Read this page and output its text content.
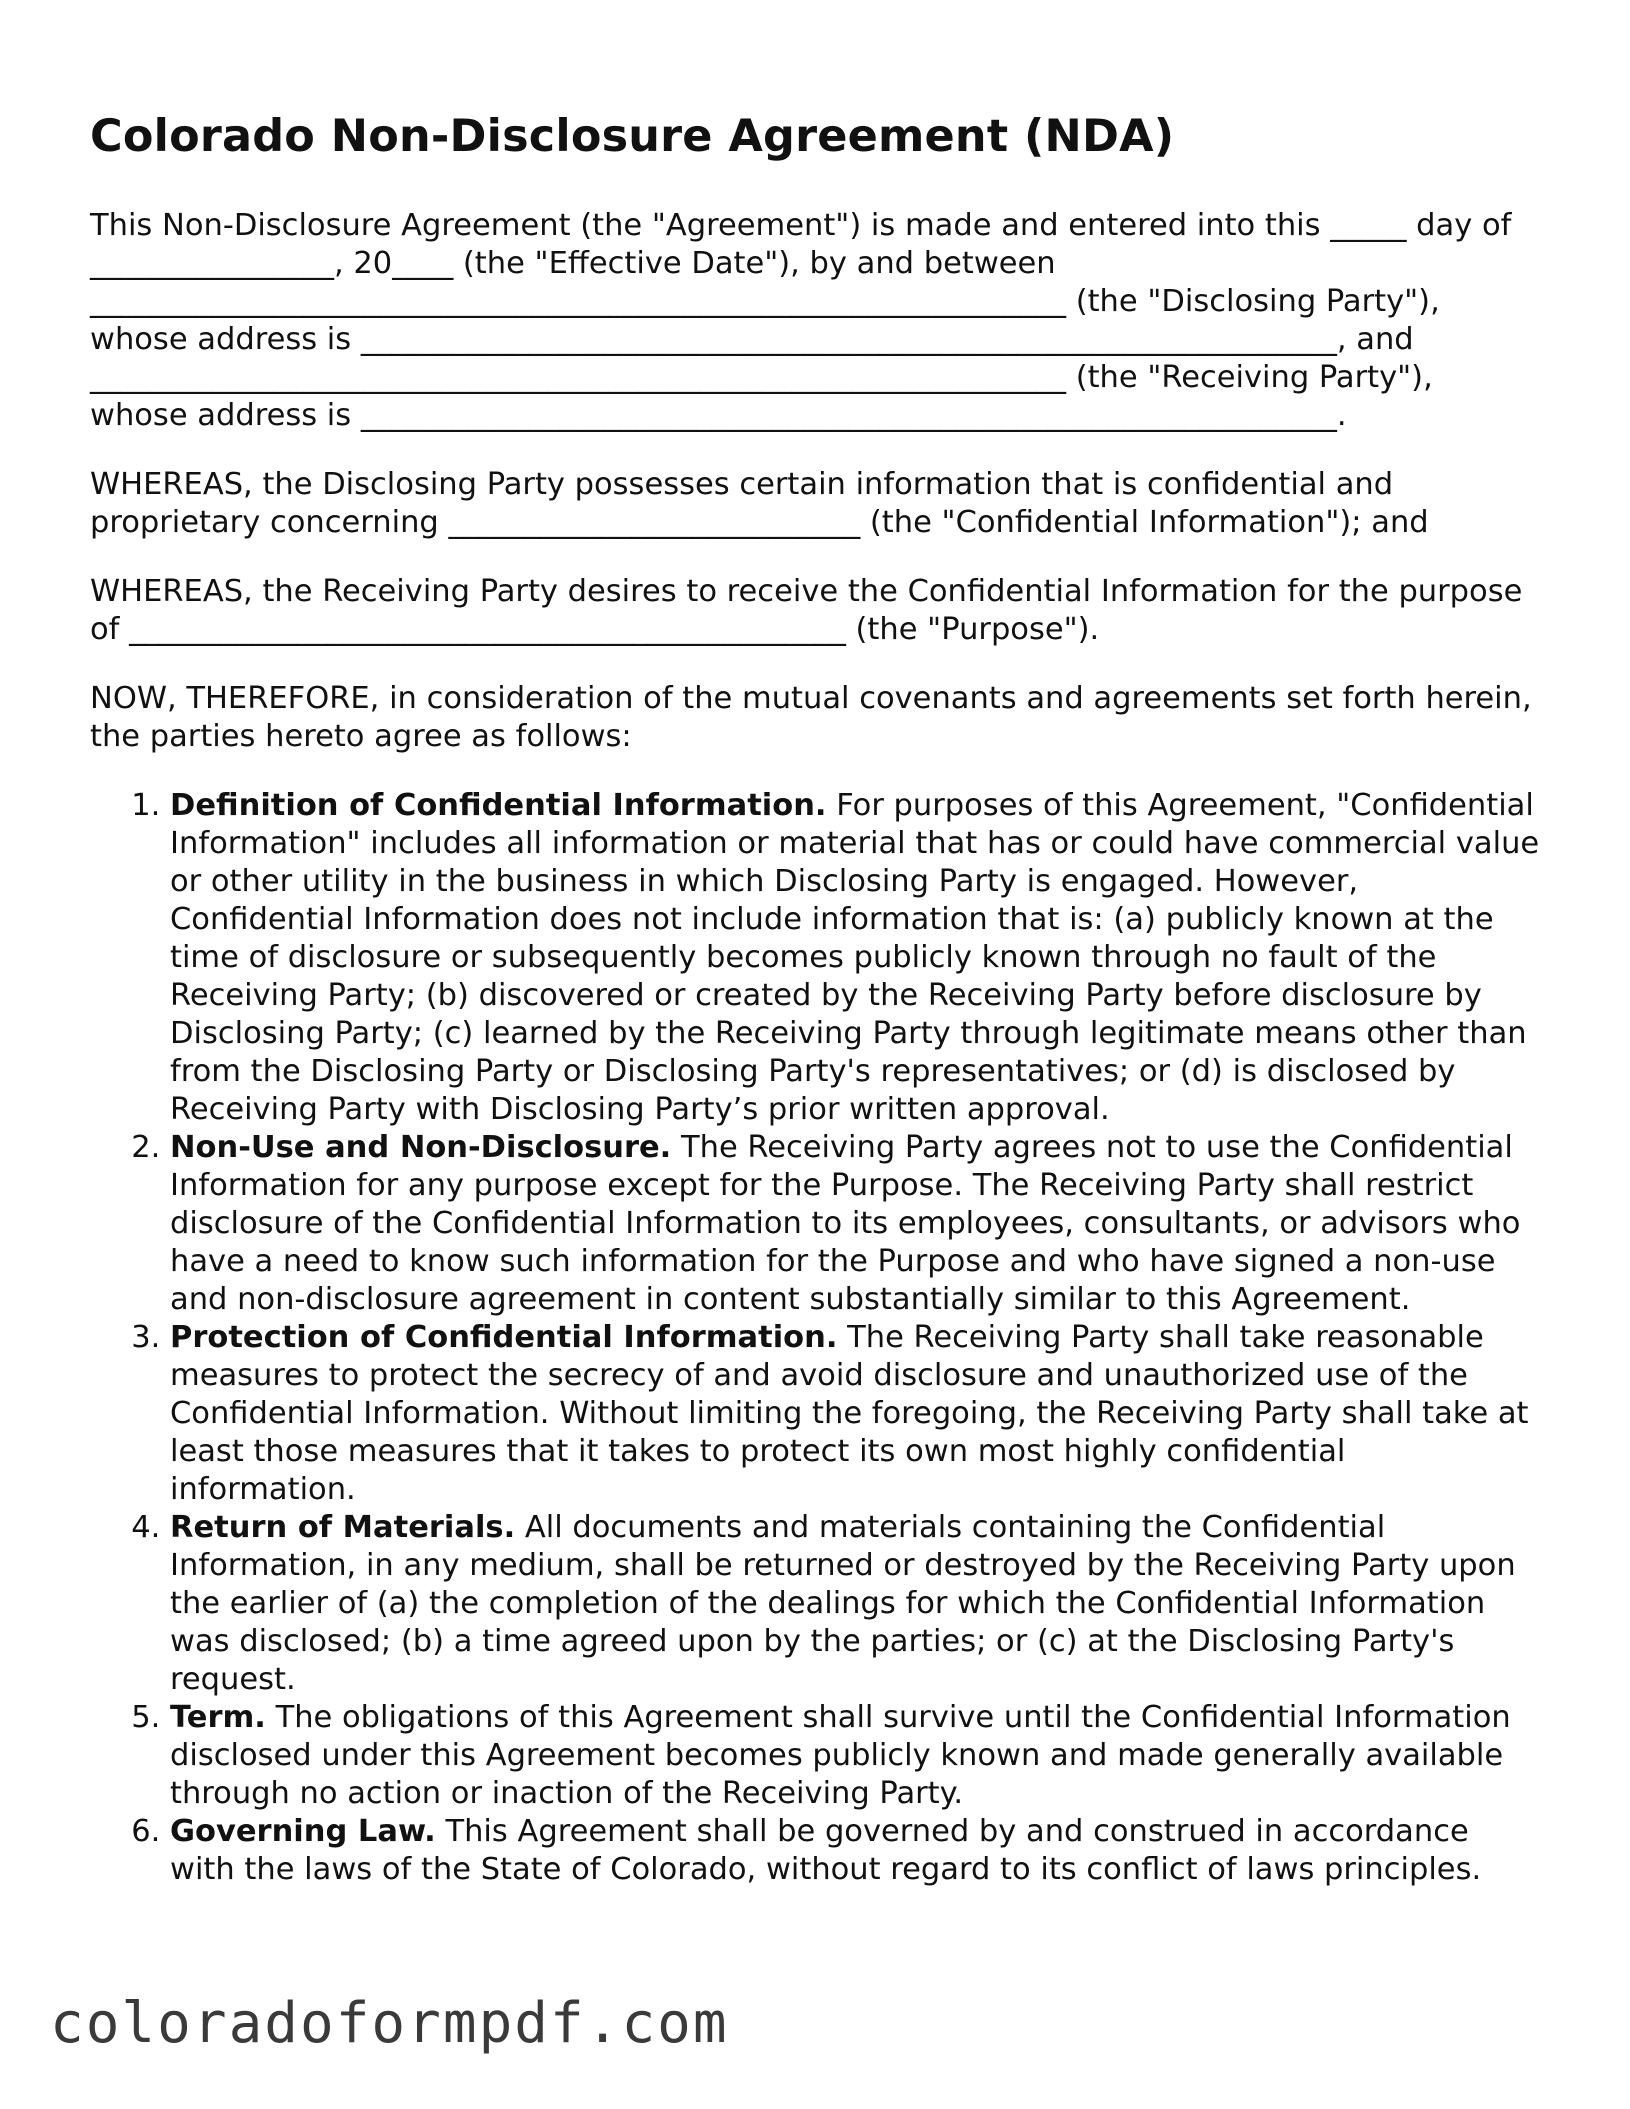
Colorado Non-Disclosure Agreement (NDA)

This Non-Disclosure Agreement (the "Agreement") is made and entered into this _____ day of ________________, 20____ (the "Effective Date"), by and between ________________________________________________________________ (the "Disclosing Party"), whose address is ________________________________________________________________, and ________________________________________________________________ (the "Receiving Party"), whose address is ________________________________________________________________.

WHEREAS, the Disclosing Party possesses certain information that is confidential and proprietary concerning ___________________________ (the "Confidential Information"); and

WHEREAS, the Receiving Party desires to receive the Confidential Information for the purpose of _______________________________________________ (the "Purpose").

NOW, THEREFORE, in consideration of the mutual covenants and agreements set forth herein, the parties hereto agree as follows:

1. Definition of Confidential Information. For purposes of this Agreement, "Confidential Information" includes all information or material that has or could have commercial value or other utility in the business in which Disclosing Party is engaged. However, Confidential Information does not include information that is: (a) publicly known at the time of disclosure or subsequently becomes publicly known through no fault of the Receiving Party; (b) discovered or created by the Receiving Party before disclosure by Disclosing Party; (c) learned by the Receiving Party through legitimate means other than from the Disclosing Party or Disclosing Party's representatives; or (d) is disclosed by Receiving Party with Disclosing Party’s prior written approval.
2. Non-Use and Non-Disclosure. The Receiving Party agrees not to use the Confidential Information for any purpose except for the Purpose. The Receiving Party shall restrict disclosure of the Confidential Information to its employees, consultants, or advisors who have a need to know such information for the Purpose and who have signed a non-use and non-disclosure agreement in content substantially similar to this Agreement.
3. Protection of Confidential Information. The Receiving Party shall take reasonable measures to protect the secrecy of and avoid disclosure and unauthorized use of the Confidential Information. Without limiting the foregoing, the Receiving Party shall take at least those measures that it takes to protect its own most highly confidential information.
4. Return of Materials. All documents and materials containing the Confidential Information, in any medium, shall be returned or destroyed by the Receiving Party upon the earlier of (a) the completion of the dealings for which the Confidential Information was disclosed; (b) a time agreed upon by the parties; or (c) at the Disclosing Party's request.
5. Term. The obligations of this Agreement shall survive until the Confidential Information disclosed under this Agreement becomes publicly known and made generally available through no action or inaction of the Receiving Party.
6. Governing Law. This Agreement shall be governed by and construed in accordance with the laws of the State of Colorado, without regard to its conflict of laws principles.
coloradoformpdf.com
